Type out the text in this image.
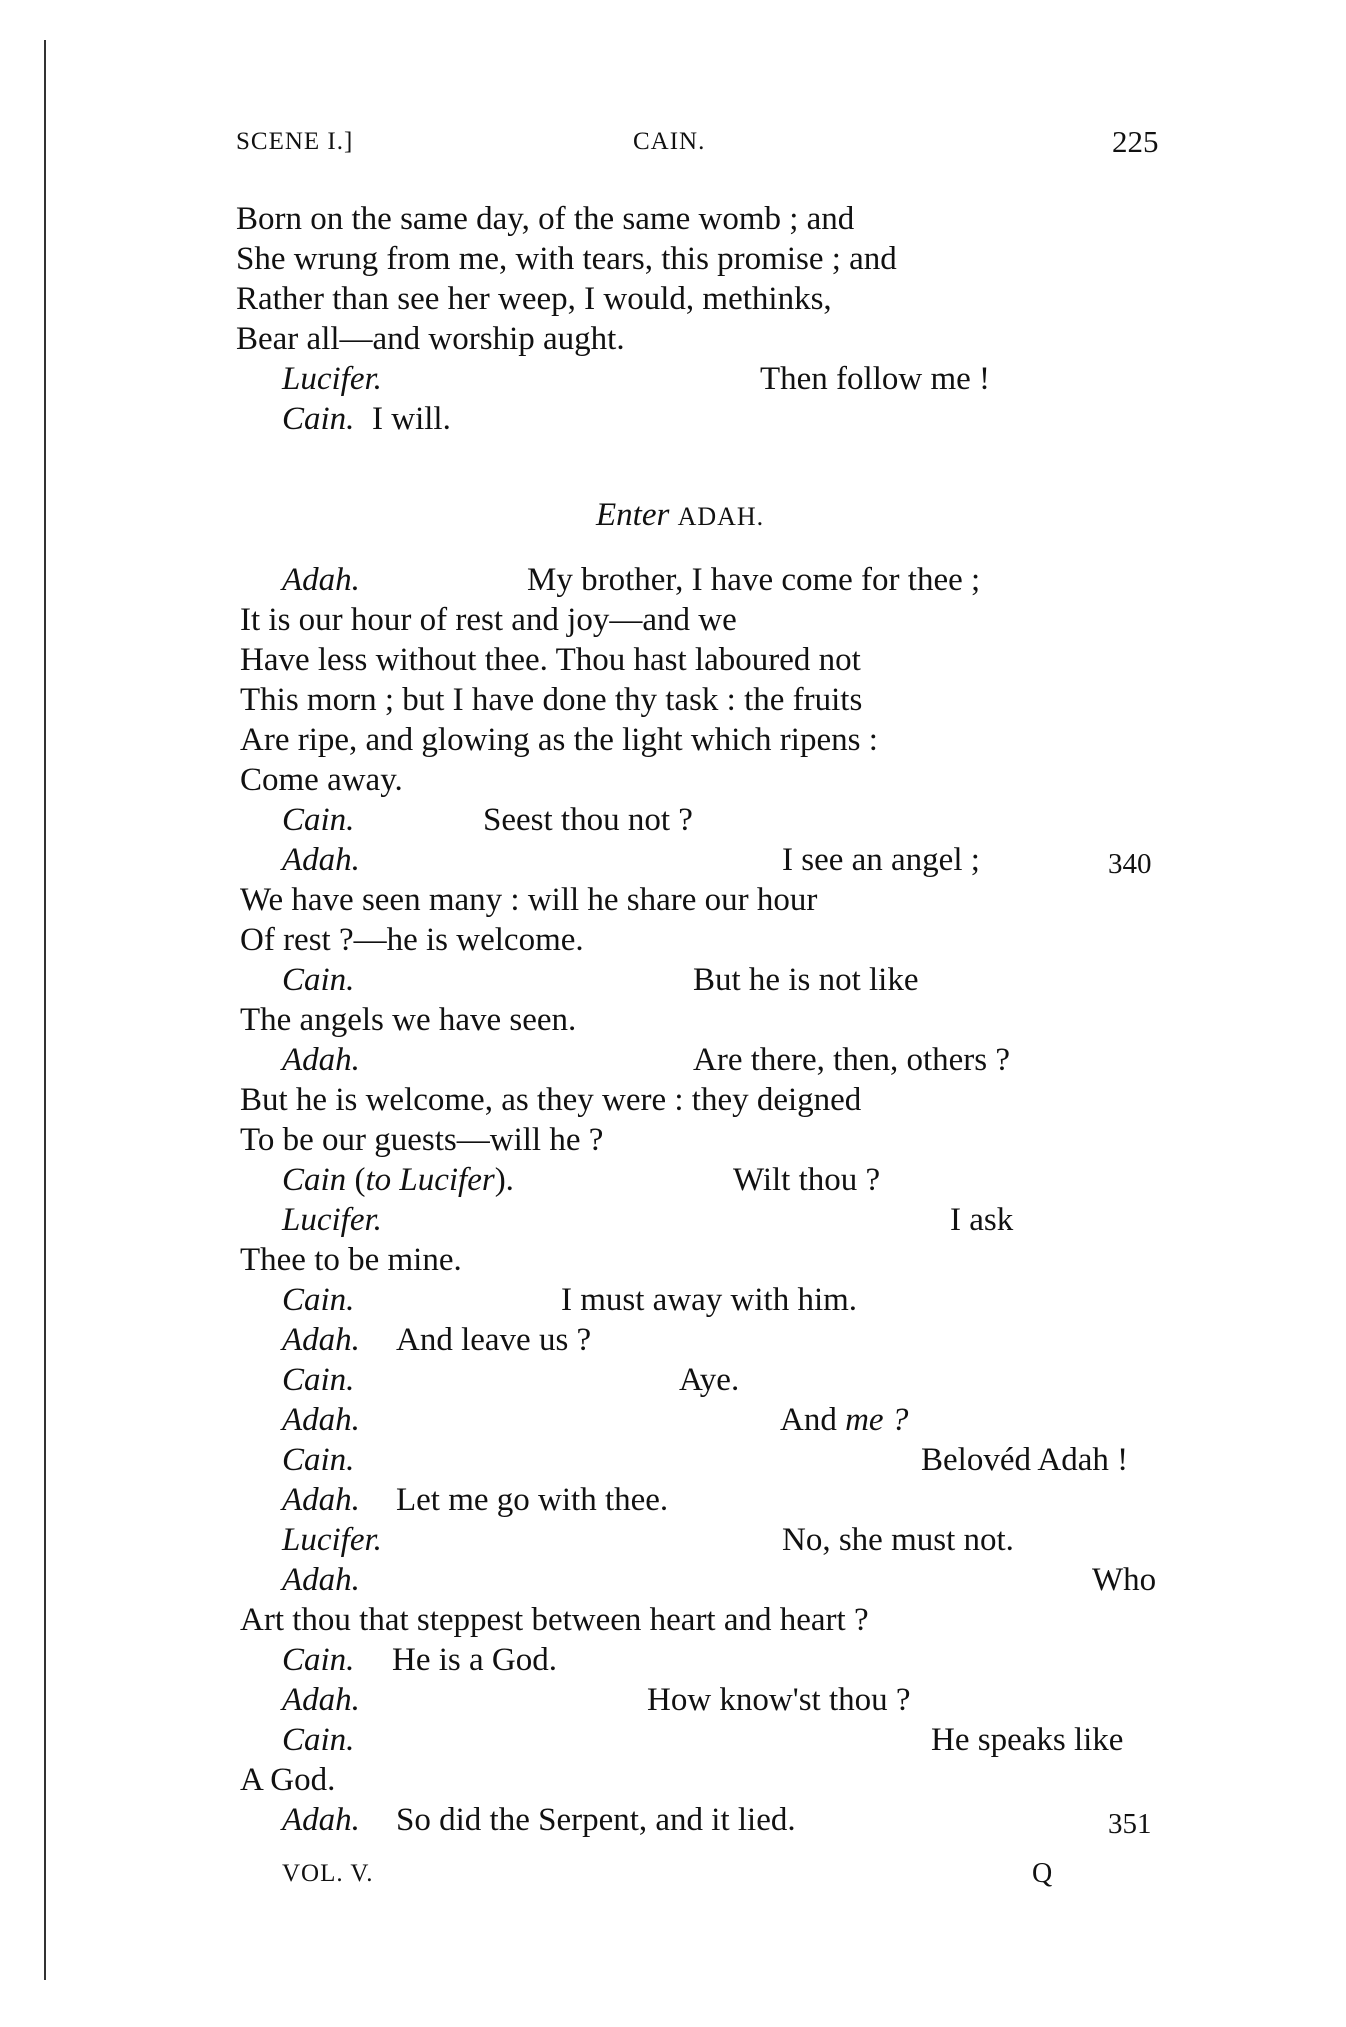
SCENE I.]	CAIN.	225
Born on the same day, of the same womb ; and
She wrung from me, with tears, this promise ; and
Rather than see her weep, I would, methinks,
Bear all—and worship aught.
Lucifer.	Then follow me !
Cain. I will.
Enter ADAH.
Adah.	My brother, I have come for thee ;
It is our hour of rest and joy—and we
Have less without thee. Thou hast laboured not
This morn ; but I have done thy task : the fruits
Are ripe, and glowing as the light which ripens :
Come away.
Cain.	Seest thou not ?
Adah.	I see an angel ;	340
We have seen many : will he share our hour
Of rest ?—he is welcome.
Cain.	But he is not like
The angels we have seen.
Adah.	Are there, then, others ?
But he is welcome, as they were : they deigned
To be our guests—will he ?
Cain (to Lucifer).	Wilt thou ?
Lucifer.	I ask
Thee to be mine.
Cain.	I must away with him.
Adah. And leave us ?
Cain.	Aye.
Adah.	And me ?
Cain.	Belovéd Adah !
Adah. Let me go with thee.
Lucifer.	No, she must not.
Adah.	Who
Art thou that steppest between heart and heart ?
Cain. He is a God.
Adah.	How know'st thou ?
Cain.	He speaks like
A God.
Adah. So did the Serpent, and it lied.	351
VOL. V.	Q
